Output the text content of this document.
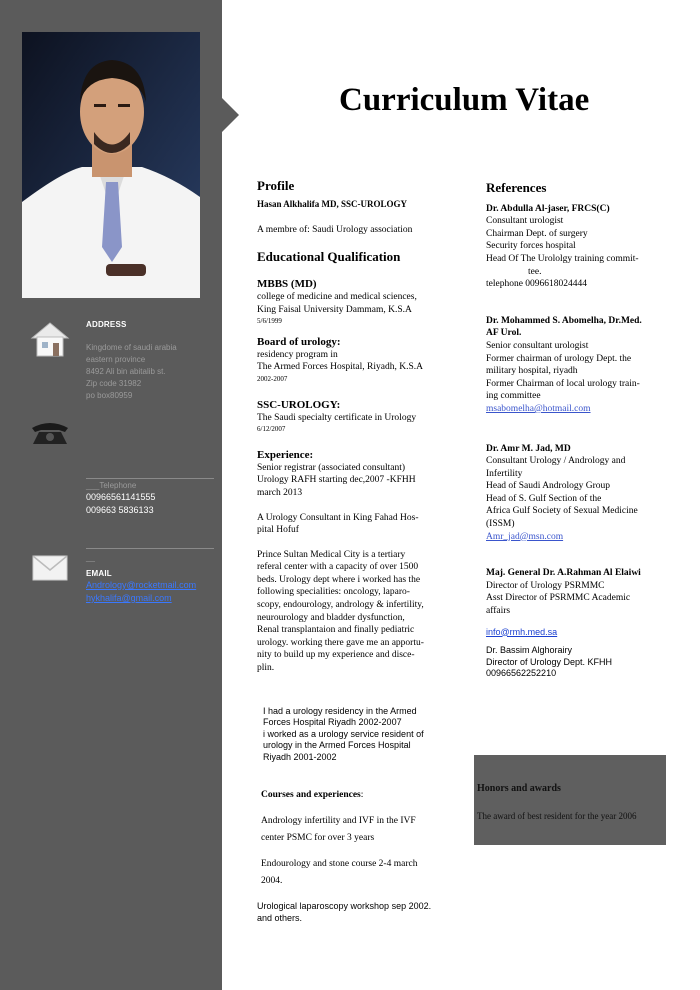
ADDRESS
Kingdome of saudi arabia
eastern province
8492 Ali bin abitalib st.
Zip code 31982
po box80959
___Telephone
00966561141555
009663 5836133
__
EMAIL
Andrology@rocketmail.com
hykhalifa@gmail.com
Curriculum Vitae
Profile
Hasan Alkhalifa MD, SSC-UROLOGY
A membre of: Saudi Urology association
Educational Qualification
MBBS (MD)
college of medicine and medical sciences,
King Faisal University Dammam, K.S.A
5/6/1999
Board of urology:
residency program in
The Armed Forces Hospital, Riyadh, K.S.A
2002-2007
SSC-UROLOGY:
The Saudi specialty certificate in Urology
6/12/2007
Experience:
Senior registrar (associated consultant)
Urology RAFH starting dec,2007 -KFHH
march 2013
A Urology Consultant in King Fahad Hos-
pital Hofuf
Prince Sultan Medical City is a tertiary
referal center with a capacity of over 1500
beds. Urology dept where i worked has the
following specialities: oncology, laparo-
scopy, endourology, andrology & infertility,
neurourology and bladder dysfunction,
Renal transplantaion and finally pediatric
urology. working there gave me an apportu-
nity to build up my experience and disce-
plin.
I had a urology residency in the Armed
Forces Hospital Riyadh 2002-2007
i worked as a urology service resident of
urology in the Armed Forces Hospital
Riyadh 2001-2002
Courses and experiences:
Andrology infertility and IVF in the IVF
center PSMC for over 3 years
Endourology and stone course 2-4 march
2004.
Urological laparoscopy workshop sep 2002.
and others.
References
Dr. Abdulla Al-jaser, FRCS(C)
Consultant urologist
Chairman Dept. of surgery
Security forces hospital
Head Of The Urololgy training commit-
tee.
telephone 0096618024444
Dr. Mohammed S. Abomelha, Dr.Med.
AF Urol.
Senior consultant urologist
Former chairman of urology Dept. the
military hospital, riyadh
Former Chairman of local urology train-
ing committee
msabomelha@hotmail.com
Dr. Amr M. Jad, MD
Consultant Urology / Andrology and
Infertility
Head of Saudi Andrology Group
Head of S. Gulf Section of the
Africa Gulf Society of Sexual Medicine
(ISSM)
Amr_jad@msn.com
Maj. General Dr. A.Rahman Al Elaiwi
Director of Urology PSRMMC
Asst Director of PSRMMC Academic
affairs
info@rmh.med.sa
Dr. Bassim Alghorairy
Director of Urology Dept. KFHH
00966562252210
Honors and awards
The award of best resident for the year 2006
